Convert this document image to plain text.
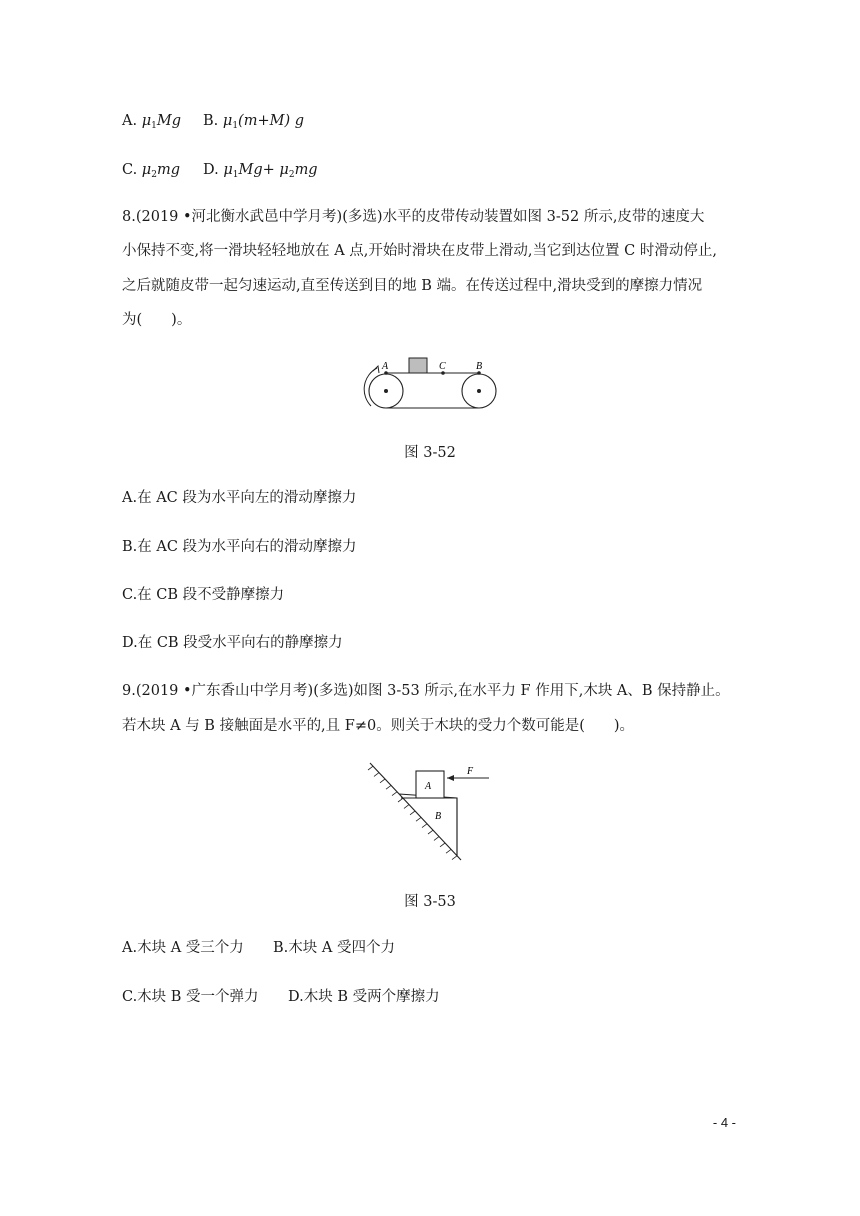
A. $\mu_1Mg$ B. $\mu_1(m+M)$ g
C. $\mu_2mg$ D. $\mu_1Mg+ \mu_2mg$
8.(2019 •河北衡水武邑中学月考)(多选)水平的皮带传动装置如图 3-52 所示,皮带的速度大
小保持不变,将一滑块轻轻地放在 A 点,开始时滑块在皮带上滑动,当它到达位置 C 时滑动停止,
之后就随皮带一起匀速运动,直至传送到目的地 B 端。在传送过程中,滑块受到的摩擦力情况
为(　　)。
A	C	B
图 3-52
A.在 AC 段为水平向左的滑动摩擦力
B.在 AC 段为水平向右的滑动摩擦力
C.在 CB 段不受静摩擦力
D.在 CB 段受水平向右的静摩擦力
9.(2019 •广东香山中学月考)(多选)如图 3-53 所示,在水平力 F 作用下,木块 A、B 保持静止。
若木块 A 与 B 接触面是水平的,且 F≠0。则关于木块的受力个数可能是(　　)。
A
B
F
图 3-53
A.木块 A 受三个力 B.木块 A 受四个力
C.木块 B 受一个弹力 D.木块 B 受两个摩擦力
- 4 -
